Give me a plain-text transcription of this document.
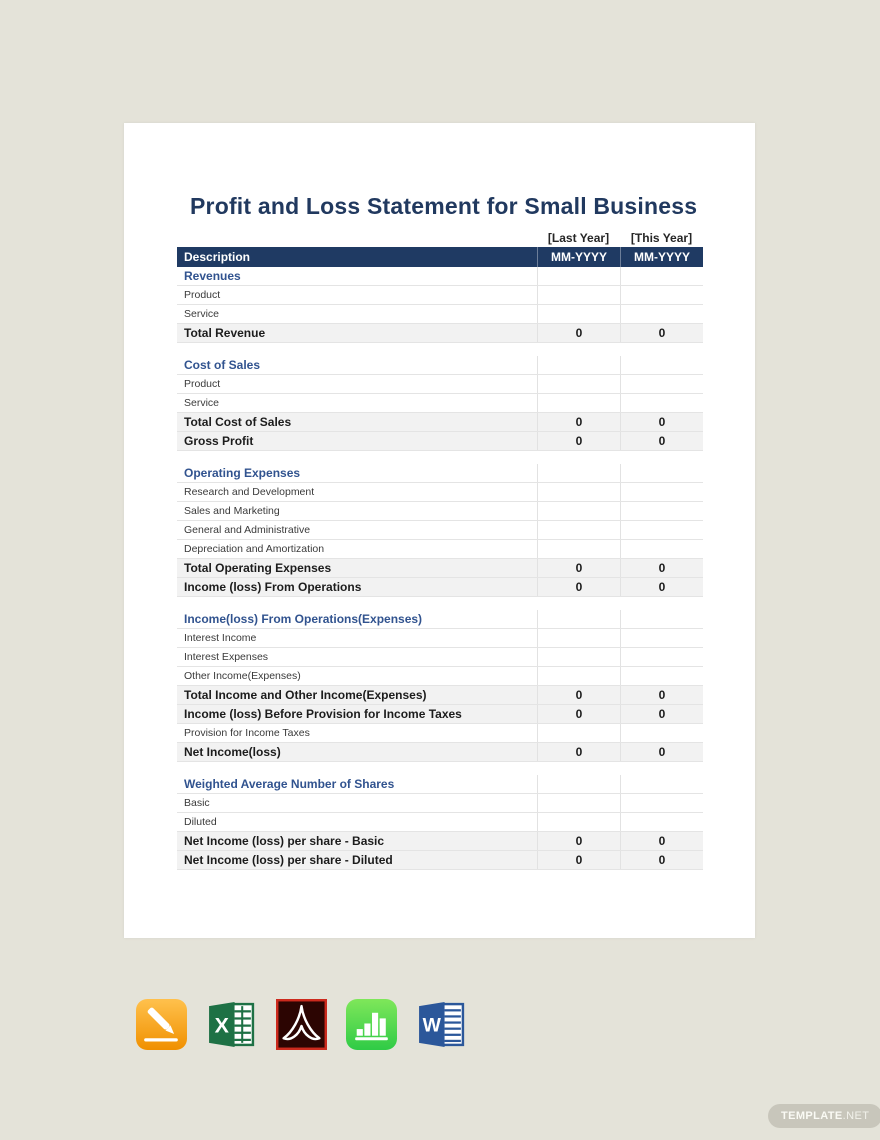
Profit and Loss Statement for Small Business
[Last Year]	[This Year]
Description	MM-YYYY	MM-YYYY
Revenues
Product
Service
Total Revenue	0	0
Cost of Sales
Product
Service
Total Cost of Sales	0	0
Gross Profit	0	0
Operating Expenses
Research and Development
Sales and Marketing
General and Administrative
Depreciation and Amortization
Total Operating Expenses	0	0
Income (loss) From Operations	0	0
Income(loss) From Operations(Expenses)
Interest Income
Interest Expenses
Other Income(Expenses)
Total Income and Other Income(Expenses)	0	0
Income (loss) Before Provision for Income Taxes	0	0
Provision for Income Taxes
Net Income(loss)	0	0
Weighted Average Number of Shares
Basic
Diluted
Net Income (loss) per share - Basic	0	0
Net Income (loss) per share - Diluted	0	0
X	W
TEMPLATE .NET
